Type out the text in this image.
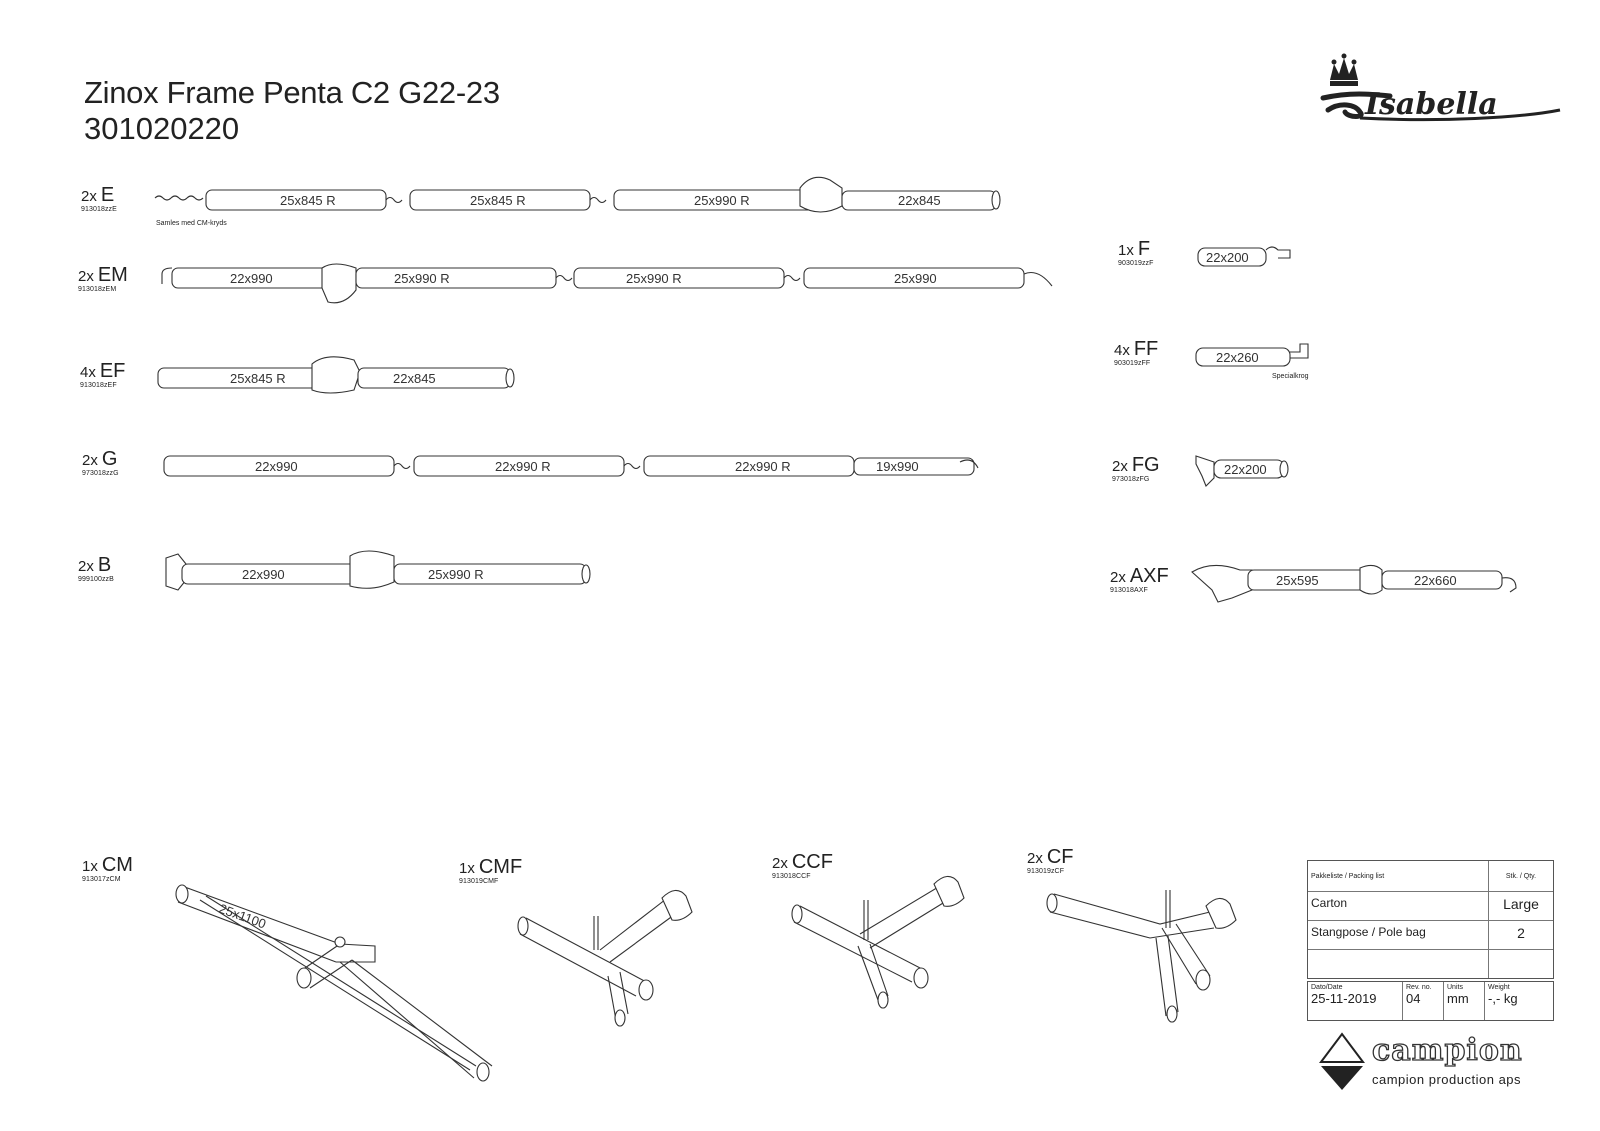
Zinox Frame Penta C2 G22-23
301020220
Isabella
2x E
913018zzE
Samles med CM-kryds
2x EM
913018zEM
4x EF
913018zEF
2x G
973018zzG
2x B
999100zzB
1x F
903019zzF
4x FF
903019zFF
Specialkrog
2x FG
973018zFG
2x AXF
913018AXF
1x CM
913017zCM
1x CMF
913019CMF
2x CCF
913018CCF
2x CF
913019zCF
25x845 R	25x845 R	25x990 R	22x845
22x990	25x990 R	25x990 R	25x990
25x845 R	22x845
22x990	22x990 R	22x990 R	19x990
22x990	25x990 R
22x200
22x260
22x200
25x595	22x660
25x1100
Pakkeliste / Packing list	Stk. / Qty.
Carton	Large
Stangpose / Pole bag	2
Dato/Date
25-11-2019
Rev. no.
04
Units
mm
Weight
-,- kg
campion
campion production aps
